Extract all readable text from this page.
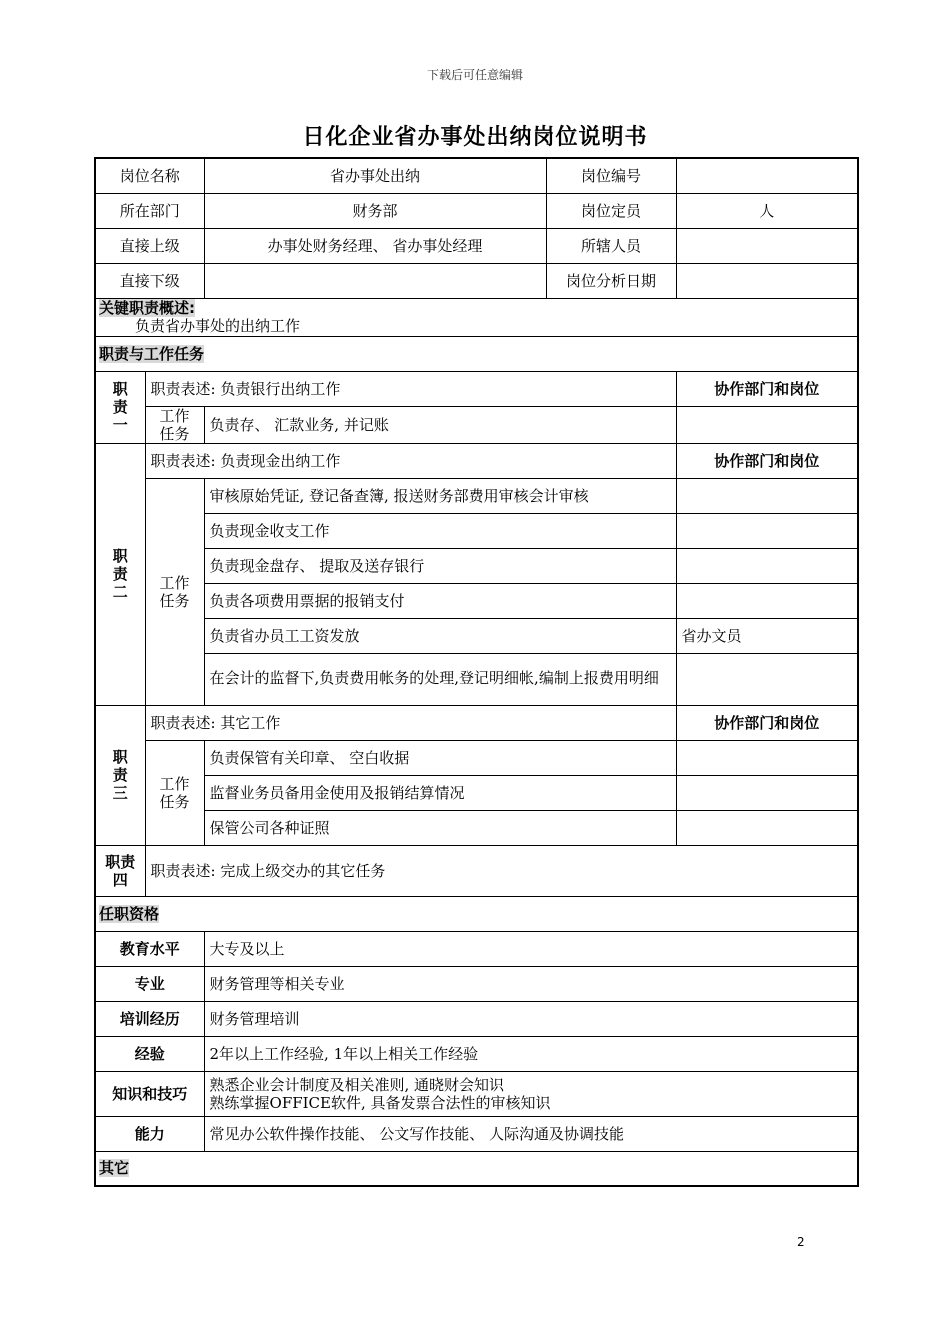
下载后可任意编辑
日化企业省办事处出纳岗位说明书
岗位名称		省办事处出纳	岗位编号	
所在部门		财务部	岗位定员	人
直接上级		办事处财务经理、 省办事处经理	所辖人员	
直接下级			岗位分析日期	

关键职责概述:
负责省办事处的出纳工作				

职责与工作任务				
职责一	职责表述: 负责银行出纳工作			协作部门和岗位
	工作任务	负责存、 汇款业务, 并记账		
职责二	职责表述: 负责现金出纳工作			协作部门和岗位
	工作任务	审核原始凭证, 登记备查簿, 报送财务部费用审核会计审核		
		负责现金收支工作		
		负责现金盘存、 提取及送存银行		
		负责各项费用票据的报销支付		
		负责省办员工工资发放		省办文员
		在会计的监督下,负责费用帐务的处理,登记明细帐,编制上报费用明细		
职责三	职责表述: 其它工作			协作部门和岗位
	工作任务	负责保管有关印章、 空白收据		
		监督业务员备用金使用及报销结算情况		
		保管公司各种证照		
职责四	职责表述: 完成上级交办的其它任务			
任职资格				
教育水平		大专及以上		
专业		财务管理等相关专业		
培训经历		财务管理培训		
经验		2年以上工作经验, 1年以上相关工作经验		
知识和技巧		熟悉企业会计制度及相关准则, 通晓财会知识
熟练掌握OFFICE软件, 具备发票合法性的审核知识		

能力		常见办公软件操作技能、 公文写作技能、 人际沟通及协调技能		
其它				
2
